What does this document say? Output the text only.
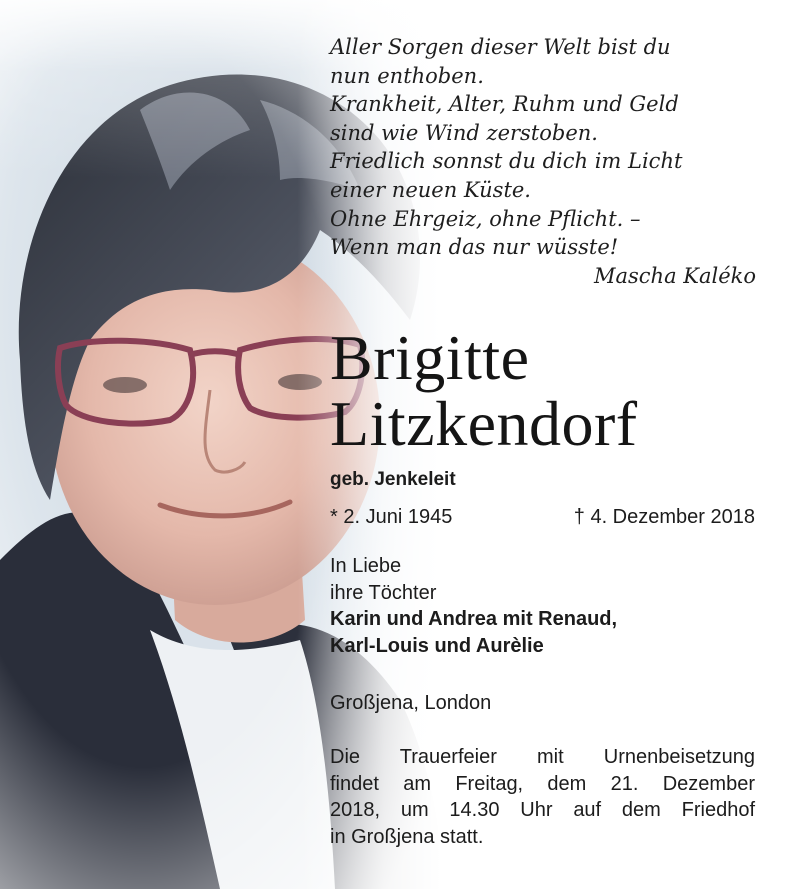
Aller Sorgen dieser Welt bist du
nun enthoben.
Krankheit, Alter, Ruhm und Geld
sind wie Wind zerstoben.
Friedlich sonnst du dich im Licht
einer neuen Küste.
Ohne Ehrgeiz, ohne Pflicht. –
Wenn man das nur wüsste!
Mascha Kaléko
Brigitte
Litzkendorf
geb. Jenkeleit
* 2. Juni 1945	† 4. Dezember 2018
In Liebe
ihre Töchter
Karin und Andrea mit Renaud,
Karl-Louis und Aurèlie
Großjena, London
Die Trauerfeier mit Urnenbeisetzung
findet am Freitag, dem 21. Dezember
2018, um 14.30 Uhr auf dem Friedhof
in Großjena statt.
